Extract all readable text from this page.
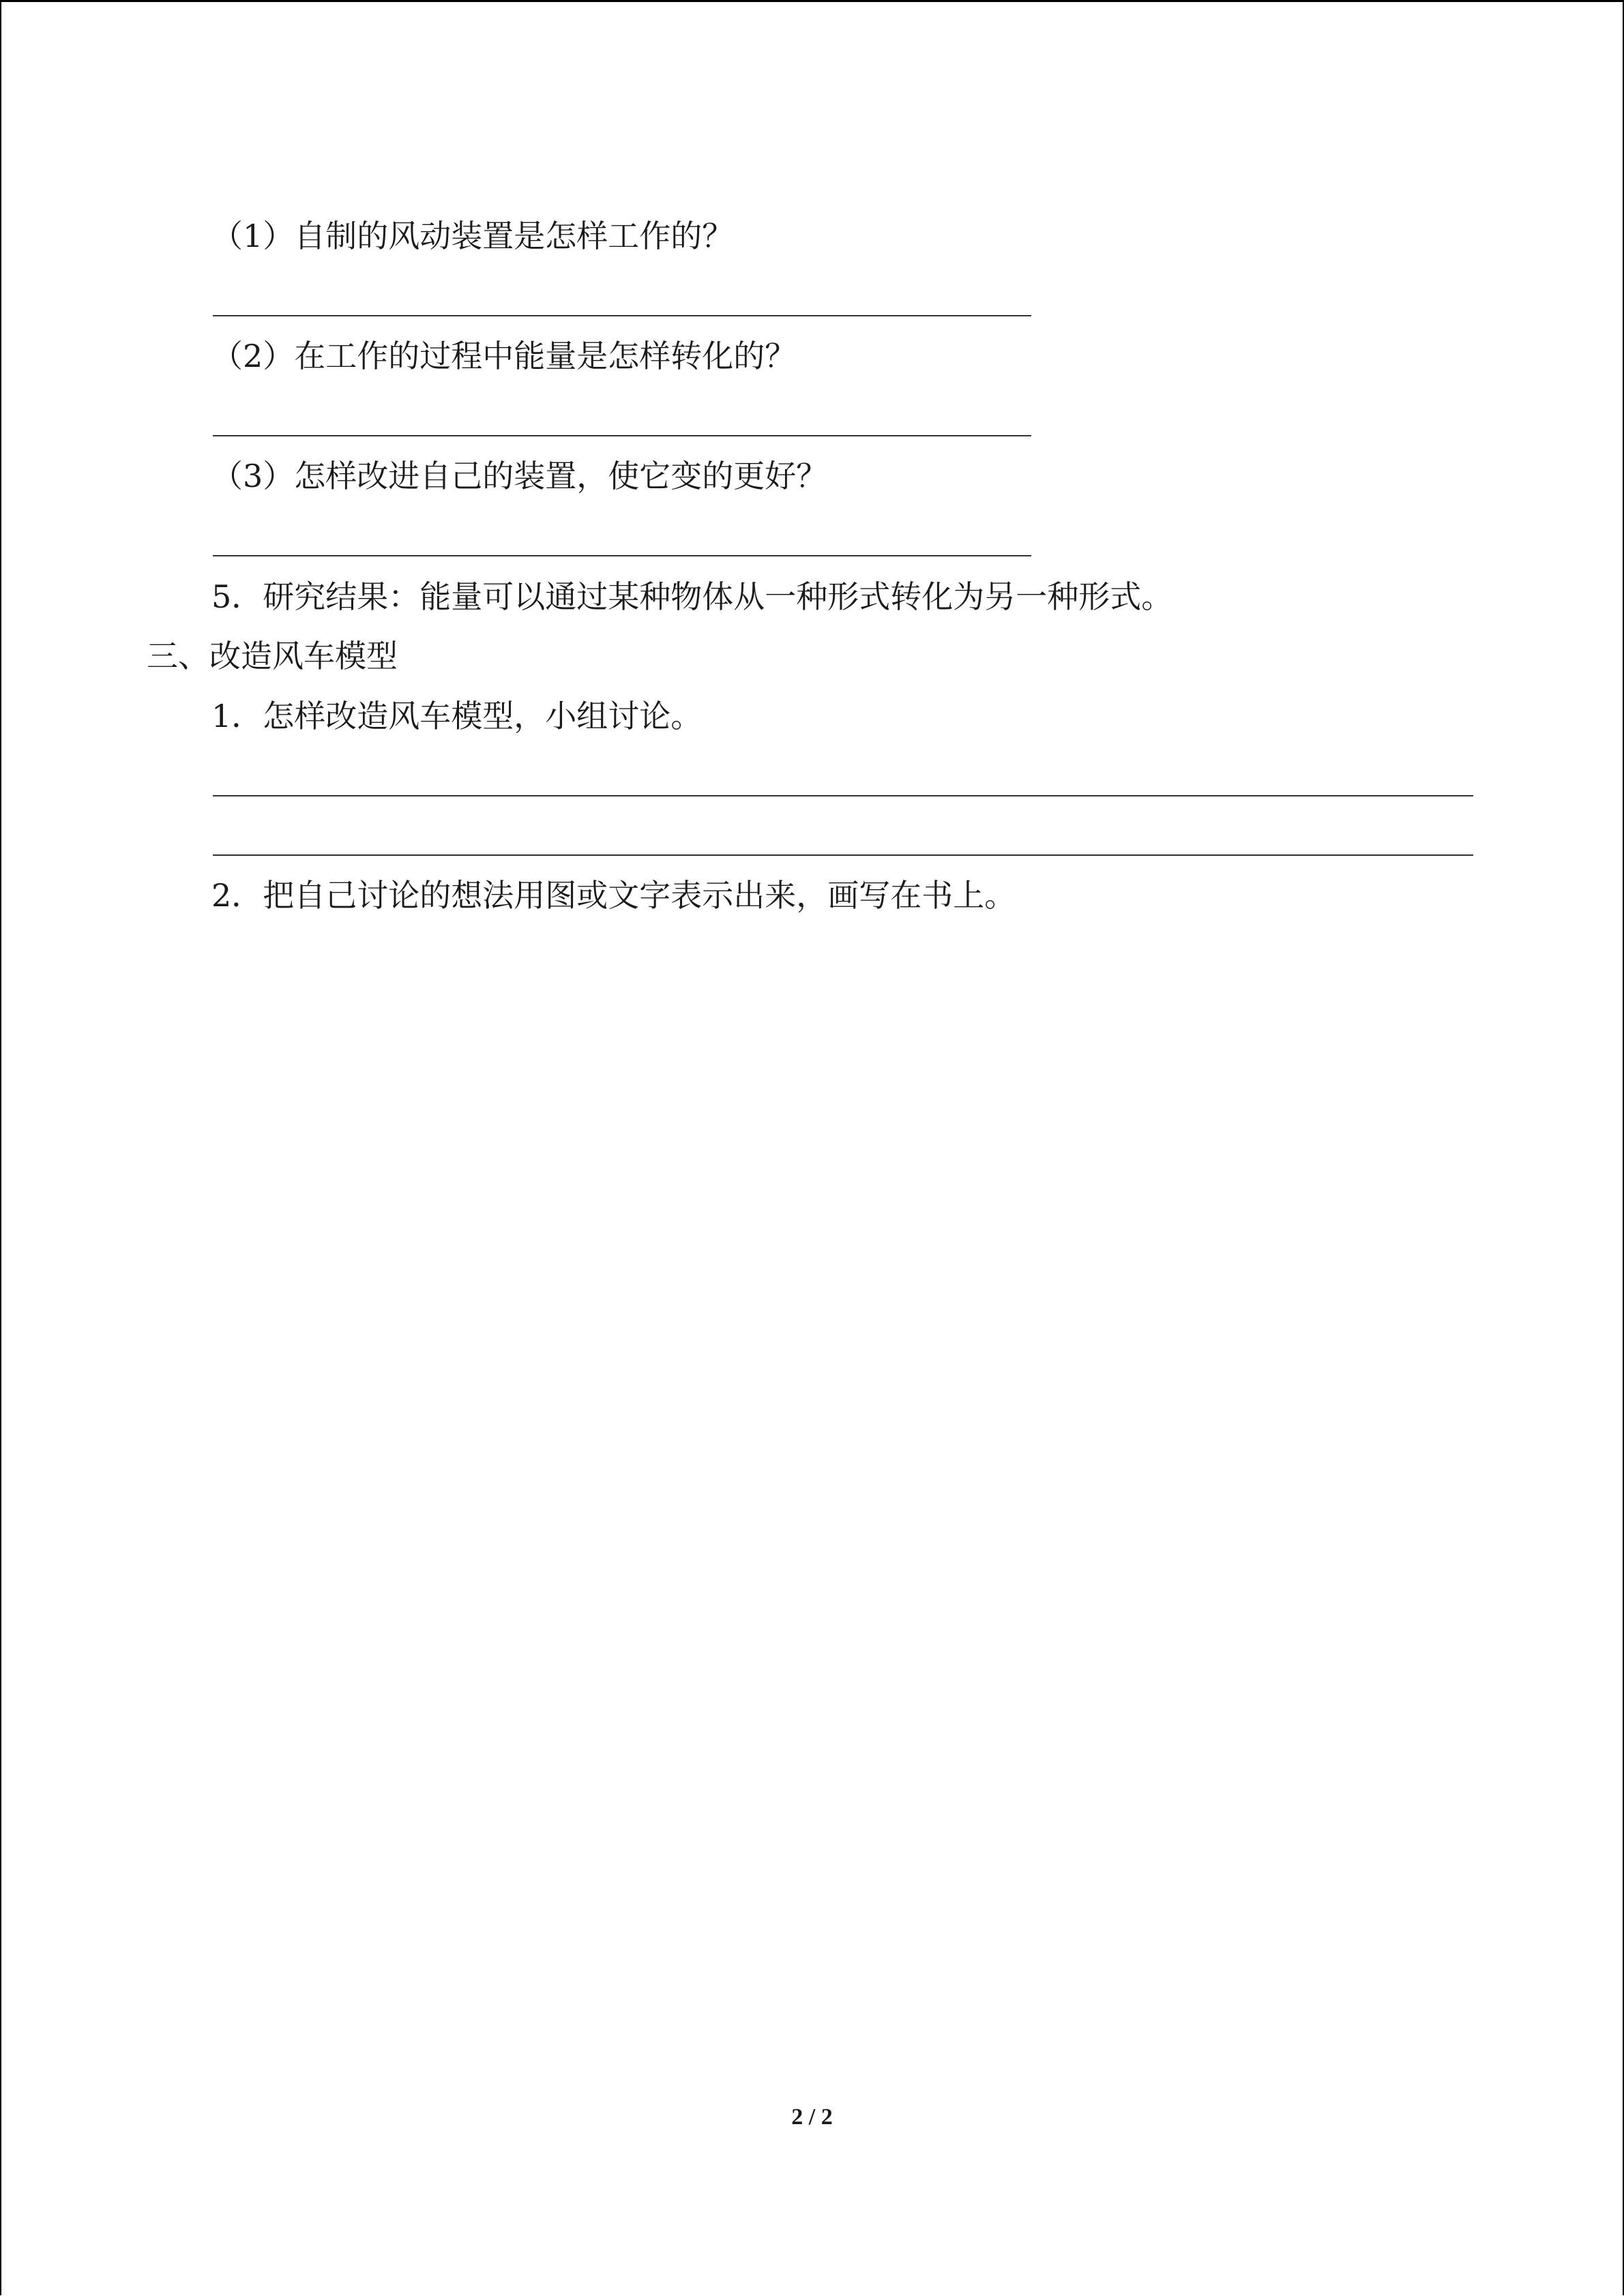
（1）自制的风动装置是怎样工作的？
（2）在工作的过程中能量是怎样转化的？
（3）怎样改进自己的装置，使它变的更好？
5．研究结果：能量可以通过某种物体从一种形式转化为另一种形式。
三、改造风车模型
1．怎样改造风车模型，小组讨论。
2．把自己讨论的想法用图或文字表示出来，画写在书上。
2 / 2
